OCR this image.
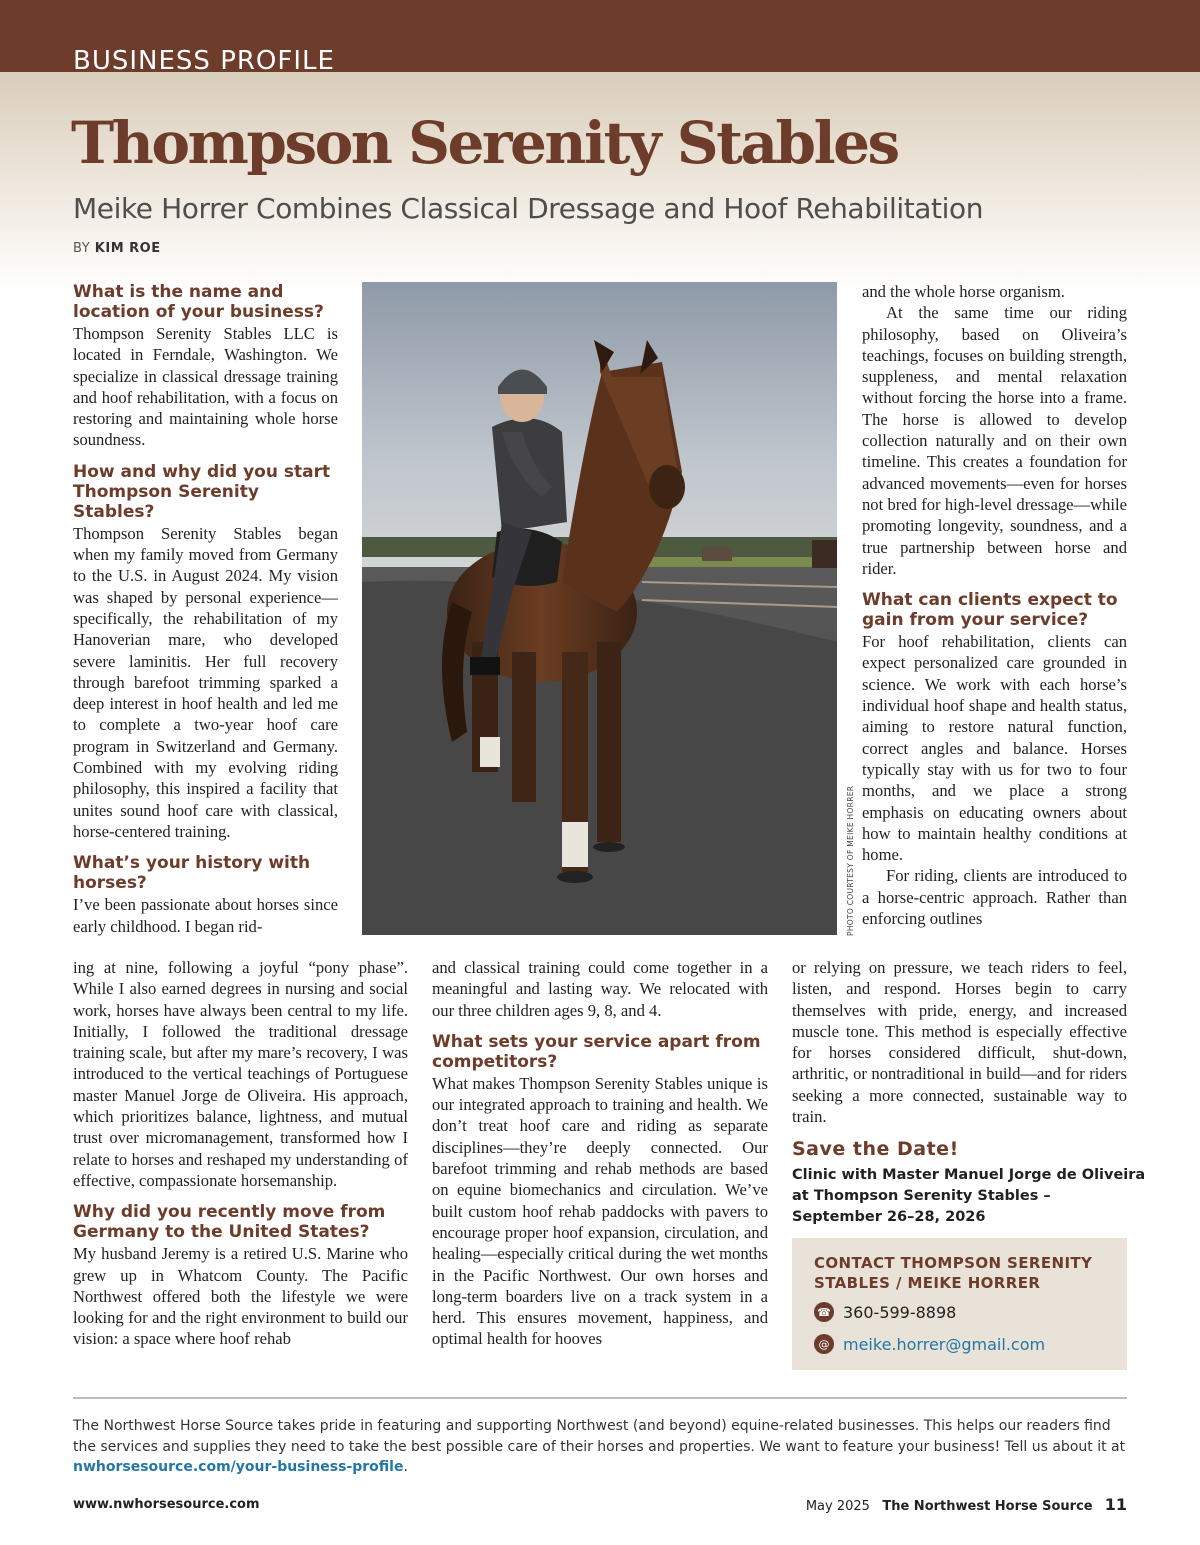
BUSINESS PROFILE
Thompson Serenity Stables
Meike Horrer Combines Classical Dressage and Hoof Rehabilitation
BY KIM ROE
What is the name and location of your business?

Thompson Serenity Stables LLC is located in Ferndale, Washington. We specialize in classical dressage training and hoof rehabilitation, with a focus on restoring and maintaining whole horse soundness.

How and why did you start Thompson Serenity Stables?

Thompson Serenity Stables began when my family moved from Germany to the U.S. in August 2024. My vision was shaped by personal experience—specifically, the rehabilitation of my Hanoverian mare, who developed severe laminitis. Her full recovery through barefoot trimming sparked a deep interest in hoof health and led me to complete a two-year hoof care program in Switzerland and Germany. Combined with my evolving riding philosophy, this inspired a facility that unites sound hoof care with classical, horse-centered training.

What’s your history with horses?

I’ve been passionate about horses since early childhood. I began rid-

ing at nine, following a joyful “pony phase”. While I also earned degrees in nursing and social work, horses have always been central to my life. Initially, I followed the traditional dressage training scale, but after my mare’s recovery, I was introduced to the vertical teachings of Portuguese master Manuel Jorge de Oliveira. His approach, which prioritizes balance, lightness, and mutual trust over micromanagement, transformed how I relate to horses and reshaped my understanding of effective, compassionate horsemanship.

Why did you recently move from Germany to the United States?

My husband Jeremy is a retired U.S. Marine who grew up in Whatcom County. The Pacific Northwest offered both the lifestyle we were looking for and the right environment to build our vision: a space where hoof rehab

PHOTO COURTESY OF MEIKE HORRER

and classical training could come together in a meaningful and lasting way. We relocated with our three children ages 9, 8, and 4.

What sets your service apart from competitors?

What makes Thompson Serenity Stables unique is our integrated approach to training and health. We don’t treat hoof care and riding as separate disciplines—they’re deeply connected. Our barefoot trimming and rehab methods are based on equine biomechanics and circulation. We’ve built custom hoof rehab paddocks with pavers to encourage proper hoof expansion, circulation, and healing—especially critical during the wet months in the Pacific Northwest. Our own horses and long-term boarders live on a track system in a herd. This ensures movement, happiness, and optimal health for hooves

and the whole horse organism.

At the same time our riding philosophy, based on Oliveira’s teachings, focuses on building strength, suppleness, and mental relaxation without forcing the horse into a frame. The horse is allowed to develop collection naturally and on their own timeline. This creates a foundation for advanced movements—even for horses not bred for high-level dressage—while promoting longevity, soundness, and a true partnership between horse and rider.

What can clients expect to gain from your service?

For hoof rehabilitation, clients can expect personalized care grounded in science. We work with each horse’s individual hoof shape and health status, aiming to restore natural function, correct angles and balance. Horses typically stay with us for two to four months, and we place a strong emphasis on educating owners about how to maintain healthy conditions at home.

For riding, clients are introduced to a horse-centric approach. Rather than enforcing outlines

or relying on pressure, we teach riders to feel, listen, and respond. Horses begin to carry themselves with pride, energy, and increased muscle tone. This method is especially effective for horses considered difficult, shut-down, arthritic, or nontraditional in build—and for riders seeking a more connected, sustainable way to train.

Save the Date!
Clinic with Master Manuel Jorge de Oliveira
at Thompson Serenity Stables –
September 26–28, 2026
CONTACT THOMPSON SERENITY
STABLES / MEIKE HORRER
☎ 360-599-8898
@ meike.horrer@gmail.com
The Northwest Horse Source takes pride in featuring and supporting Northwest (and beyond) equine-related businesses. This helps our readers find the services and supplies they need to take the best possible care of their horses and properties. We want to feature your business! Tell us about it at nwhorsesource.com/your-business-profile.
www.nwhorsesource.com	May 2025 The Northwest Horse Source 11
